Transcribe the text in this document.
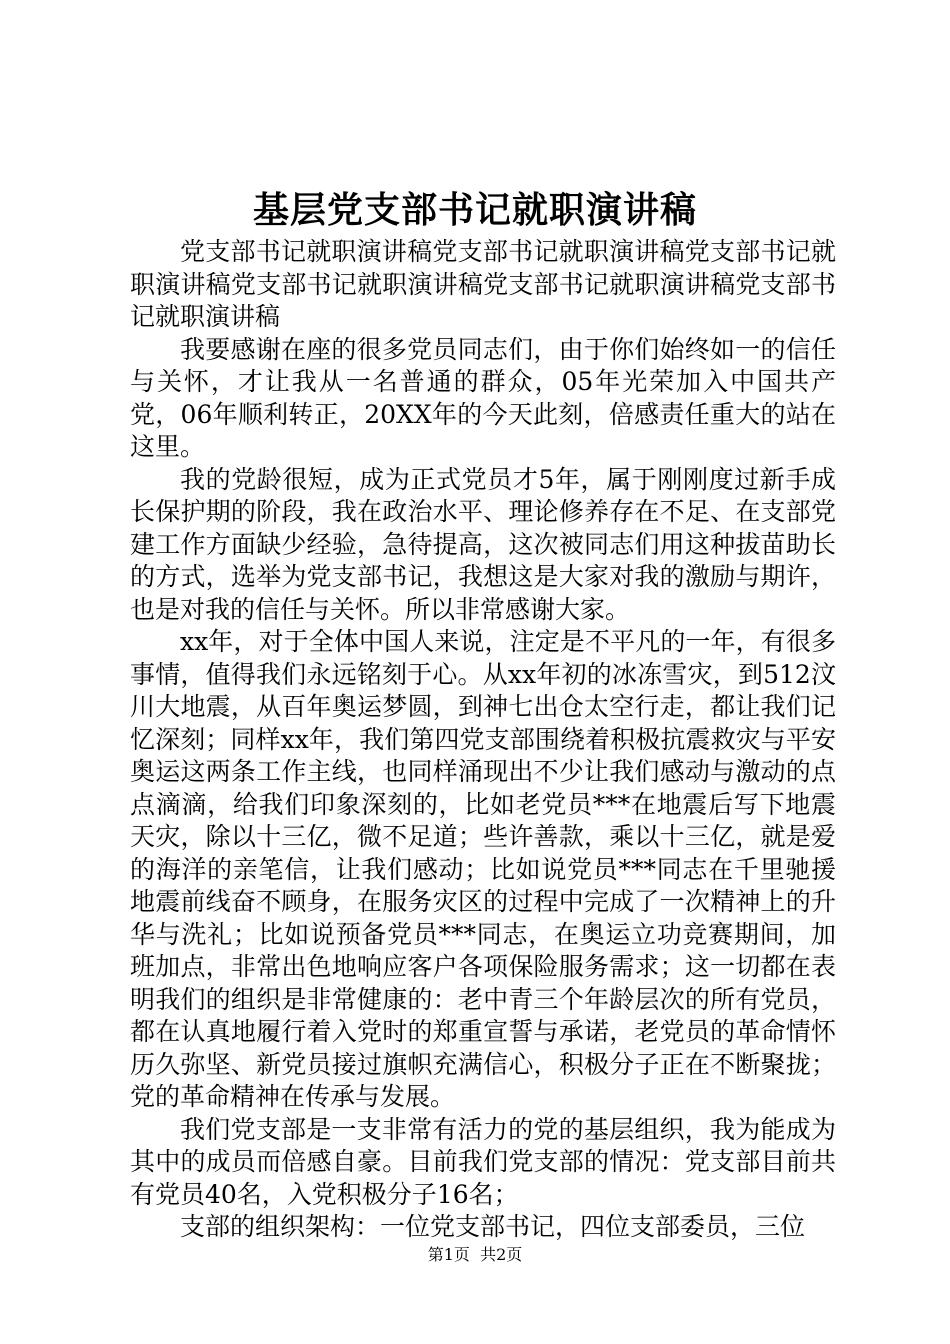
基层党支部书记就职演讲稿

党支部书记就职演讲稿党支部书记就职演讲稿党支部书记就职演讲稿党支部书记就职演讲稿党支部书记就职演讲稿党支部书记就职演讲稿

我要感谢在座的很多党员同志们，由于你们始终如一的信任与关怀，才让我从一名普通的群众，05年光荣加入中国共产党，06年顺利转正，20XX年的今天此刻，倍感责任重大的站在这里。

我的党龄很短，成为正式党员才5年，属于刚刚度过新手成长保护期的阶段，我在政治水平、理论修养存在不足、在支部党建工作方面缺少经验，急待提高，这次被同志们用这种拔苗助长的方式，选举为党支部书记，我想这是大家对我的激励与期许，也是对我的信任与关怀。所以非常感谢大家。

xx年，对于全体中国人来说，注定是不平凡的一年，有很多事情，值得我们永远铭刻于心。从xx年初的冰冻雪灾，到512汶川大地震，从百年奥运梦圆，到神七出仓太空行走，都让我们记忆深刻；同样xx年，我们第四党支部围绕着积极抗震救灾与平安奥运这两条工作主线，也同样涌现出不少让我们感动与激动的点点滴滴，给我们印象深刻的，比如老党员***在地震后写下地震天灾，除以十三亿，微不足道；些许善款，乘以十三亿，就是爱的海洋的亲笔信，让我们感动；比如说党员***同志在千里驰援地震前线奋不顾身，在服务灾区的过程中完成了一次精神上的升华与洗礼；比如说预备党员***同志，在奥运立功竞赛期间，加班加点，非常出色地响应客户各项保险服务需求；这一切都在表明我们的组织是非常健康的：老中青三个年龄层次的所有党员，都在认真地履行着入党时的郑重宣誓与承诺，老党员的革命情怀历久弥坚、新党员接过旗帜充满信心，积极分子正在不断聚拢；党的革命精神在传承与发展。

我们党支部是一支非常有活力的党的基层组织，我为能成为其中的成员而倍感自豪。目前我们党支部的情况：党支部目前共有党员40名，入党积极分子16名；

支部的组织架构：一位党支部书记，四位支部委员，三位

第1页 共2页
